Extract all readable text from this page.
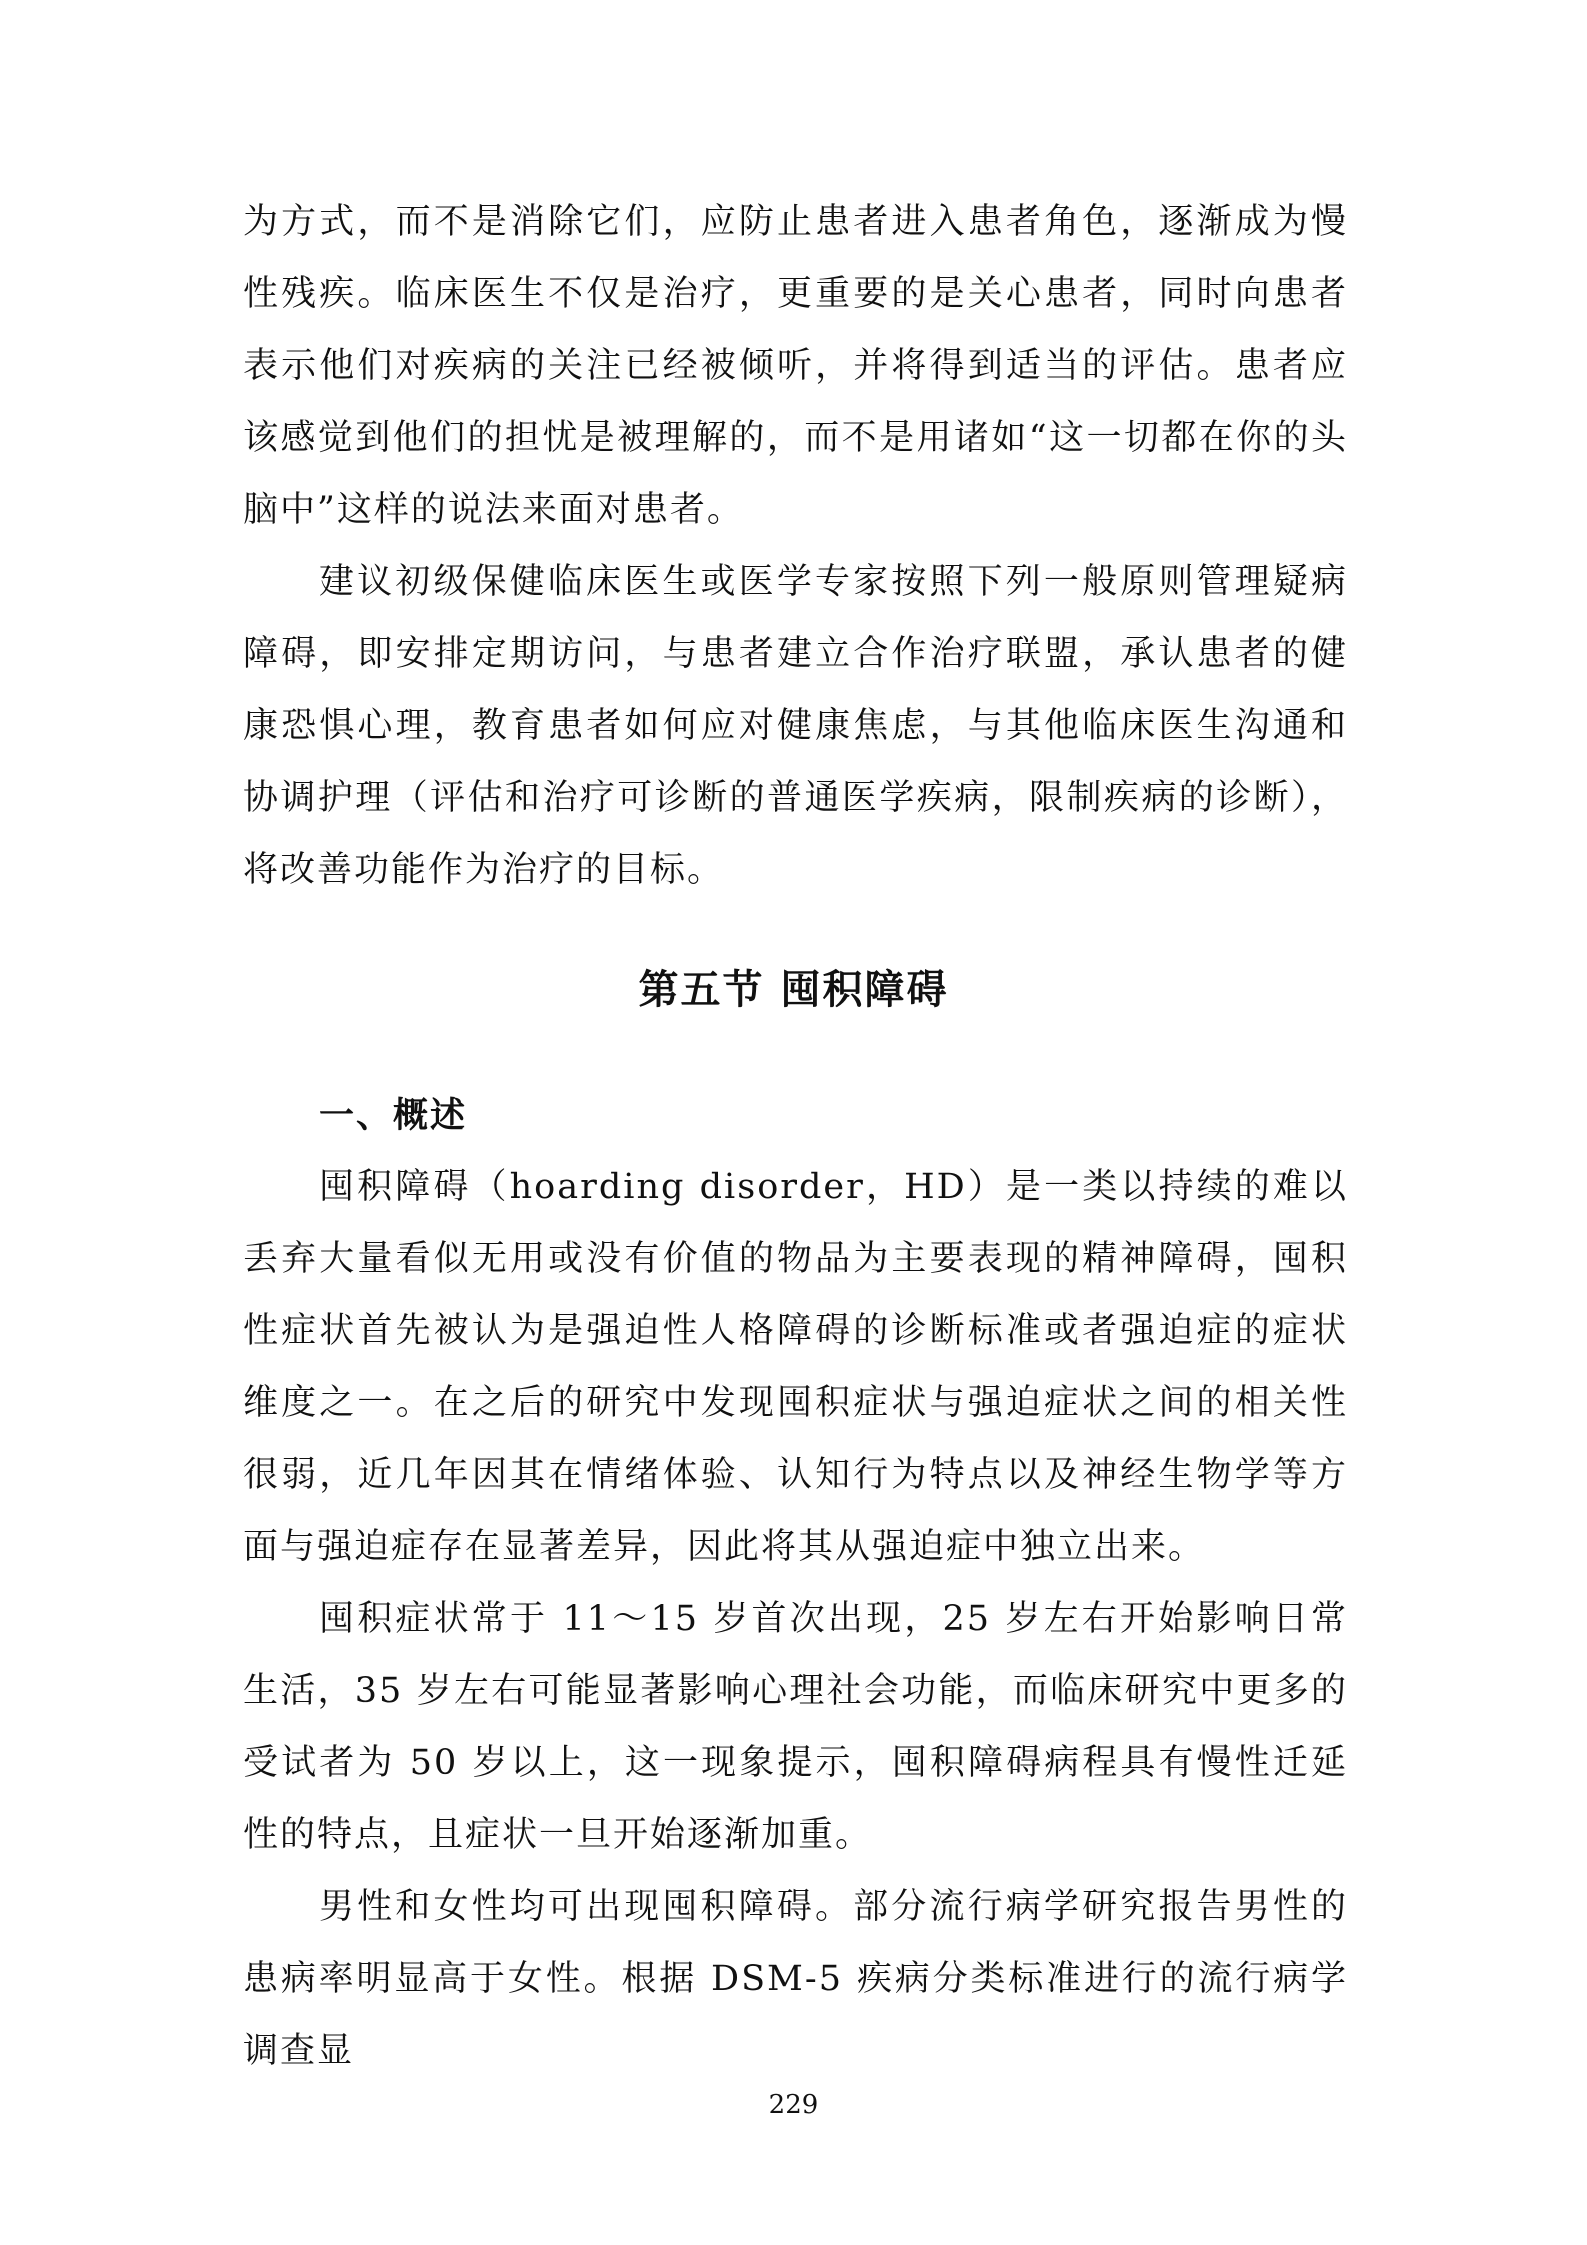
为方式，而不是消除它们，应防止患者进入患者角色，逐渐成为慢性残疾。临床医生不仅是治疗，更重要的是关心患者，同时向患者表示他们对疾病的关注已经被倾听，并将得到适当的评估。患者应该感觉到他们的担忧是被理解的，而不是用诸如“这一切都在你的头脑中”这样的说法来面对患者。

建议初级保健临床医生或医学专家按照下列一般原则管理疑病障碍，即安排定期访问，与患者建立合作治疗联盟，承认患者的健康恐惧心理，教育患者如何应对健康焦虑，与其他临床医生沟通和协调护理（评估和治疗可诊断的普通医学疾病，限制疾病的诊断），将改善功能作为治疗的目标。

第五节 囤积障碍
一、概述

囤积障碍（hoarding disorder，HD）是一类以持续的难以丢弃大量看似无用或没有价值的物品为主要表现的精神障碍，囤积性症状首先被认为是强迫性人格障碍的诊断标准或者强迫症的症状维度之一。在之后的研究中发现囤积症状与强迫症状之间的相关性很弱，近几年因其在情绪体验、认知行为特点以及神经生物学等方面与强迫症存在显著差异，因此将其从强迫症中独立出来。

囤积症状常于 11～15 岁首次出现，25 岁左右开始影响日常生活，35 岁左右可能显著影响心理社会功能，而临床研究中更多的受试者为 50 岁以上，这一现象提示，囤积障碍病程具有慢性迁延性的特点，且症状一旦开始逐渐加重。

男性和女性均可出现囤积障碍。部分流行病学研究报告男性的患病率明显高于女性。根据 DSM-5 疾病分类标准进行的流行病学调查显

229
